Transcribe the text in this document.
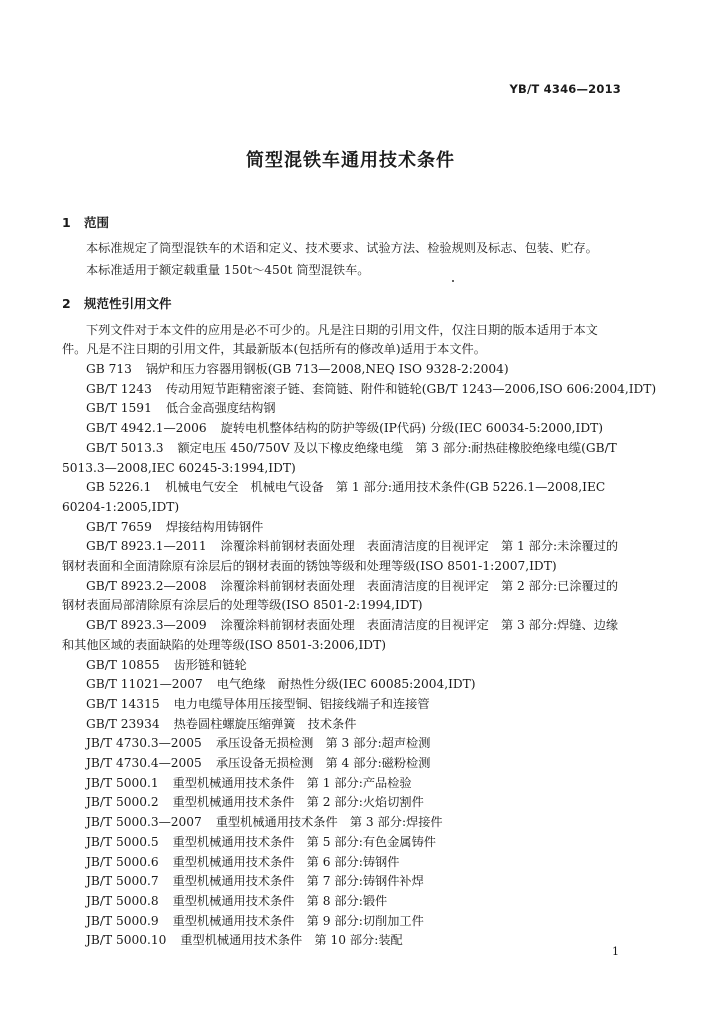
YB/T 4346—2013
筒型混铁车通用技术条件
1 范围
本标准规定了筒型混铁车的术语和定义、技术要求、试验方法、检验规则及标志、包装、贮存。
本标准适用于额定载重量 150t～450t 筒型混铁车。
2 规范性引用文件
下列文件对于本文件的应用是必不可少的。凡是注日期的引用文件，仅注日期的版本适用于本文
件。凡是不注日期的引用文件，其最新版本(包括所有的修改单)适用于本文件。
GB 713 锅炉和压力容器用钢板(GB 713—2008,NEQ ISO 9328-2:2004)
GB/T 1243 传动用短节距精密滚子链、套筒链、附件和链轮(GB/T 1243—2006,ISO 606:2004,IDT)
GB/T 1591 低合金高强度结构钢
GB/T 4942.1—2006 旋转电机整体结构的防护等级(IP代码) 分级(IEC 60034-5:2000,IDT)
GB/T 5013.3 额定电压 450/750V 及以下橡皮绝缘电缆　第 3 部分:耐热硅橡胶绝缘电缆(GB/T
5013.3—2008,IEC 60245-3:1994,IDT)
GB 5226.1 机械电气安全　机械电气设备　第 1 部分:通用技术条件(GB 5226.1—2008,IEC
60204-1:2005,IDT)
GB/T 7659 焊接结构用铸钢件
GB/T 8923.1—2011 涂覆涂料前钢材表面处理　表面清洁度的目视评定　第 1 部分:未涂覆过的
钢材表面和全面清除原有涂层后的钢材表面的锈蚀等级和处理等级(ISO 8501-1:2007,IDT)
GB/T 8923.2—2008 涂覆涂料前钢材表面处理　表面清洁度的目视评定　第 2 部分:已涂覆过的
钢材表面局部清除原有涂层后的处理等级(ISO 8501-2:1994,IDT)
GB/T 8923.3—2009 涂覆涂料前钢材表面处理　表面清洁度的目视评定　第 3 部分:焊缝、边缘
和其他区域的表面缺陷的处理等级(ISO 8501-3:2006,IDT)
GB/T 10855 齿形链和链轮
GB/T 11021—2007 电气绝缘　耐热性分级(IEC 60085:2004,IDT)
GB/T 14315 电力电缆导体用压接型铜、铝接线端子和连接管
GB/T 23934 热卷圆柱螺旋压缩弹簧　技术条件
JB/T 4730.3—2005 承压设备无损检测　第 3 部分:超声检测
JB/T 4730.4—2005 承压设备无损检测　第 4 部分:磁粉检测
JB/T 5000.1 重型机械通用技术条件　第 1 部分:产品检验
JB/T 5000.2 重型机械通用技术条件　第 2 部分:火焰切割件
JB/T 5000.3—2007 重型机械通用技术条件　第 3 部分:焊接件
JB/T 5000.5 重型机械通用技术条件　第 5 部分:有色金属铸件
JB/T 5000.6 重型机械通用技术条件　第 6 部分:铸钢件
JB/T 5000.7 重型机械通用技术条件　第 7 部分:铸钢件补焊
JB/T 5000.8 重型机械通用技术条件　第 8 部分:锻件
JB/T 5000.9 重型机械通用技术条件　第 9 部分:切削加工件
JB/T 5000.10 重型机械通用技术条件　第 10 部分:装配
1
